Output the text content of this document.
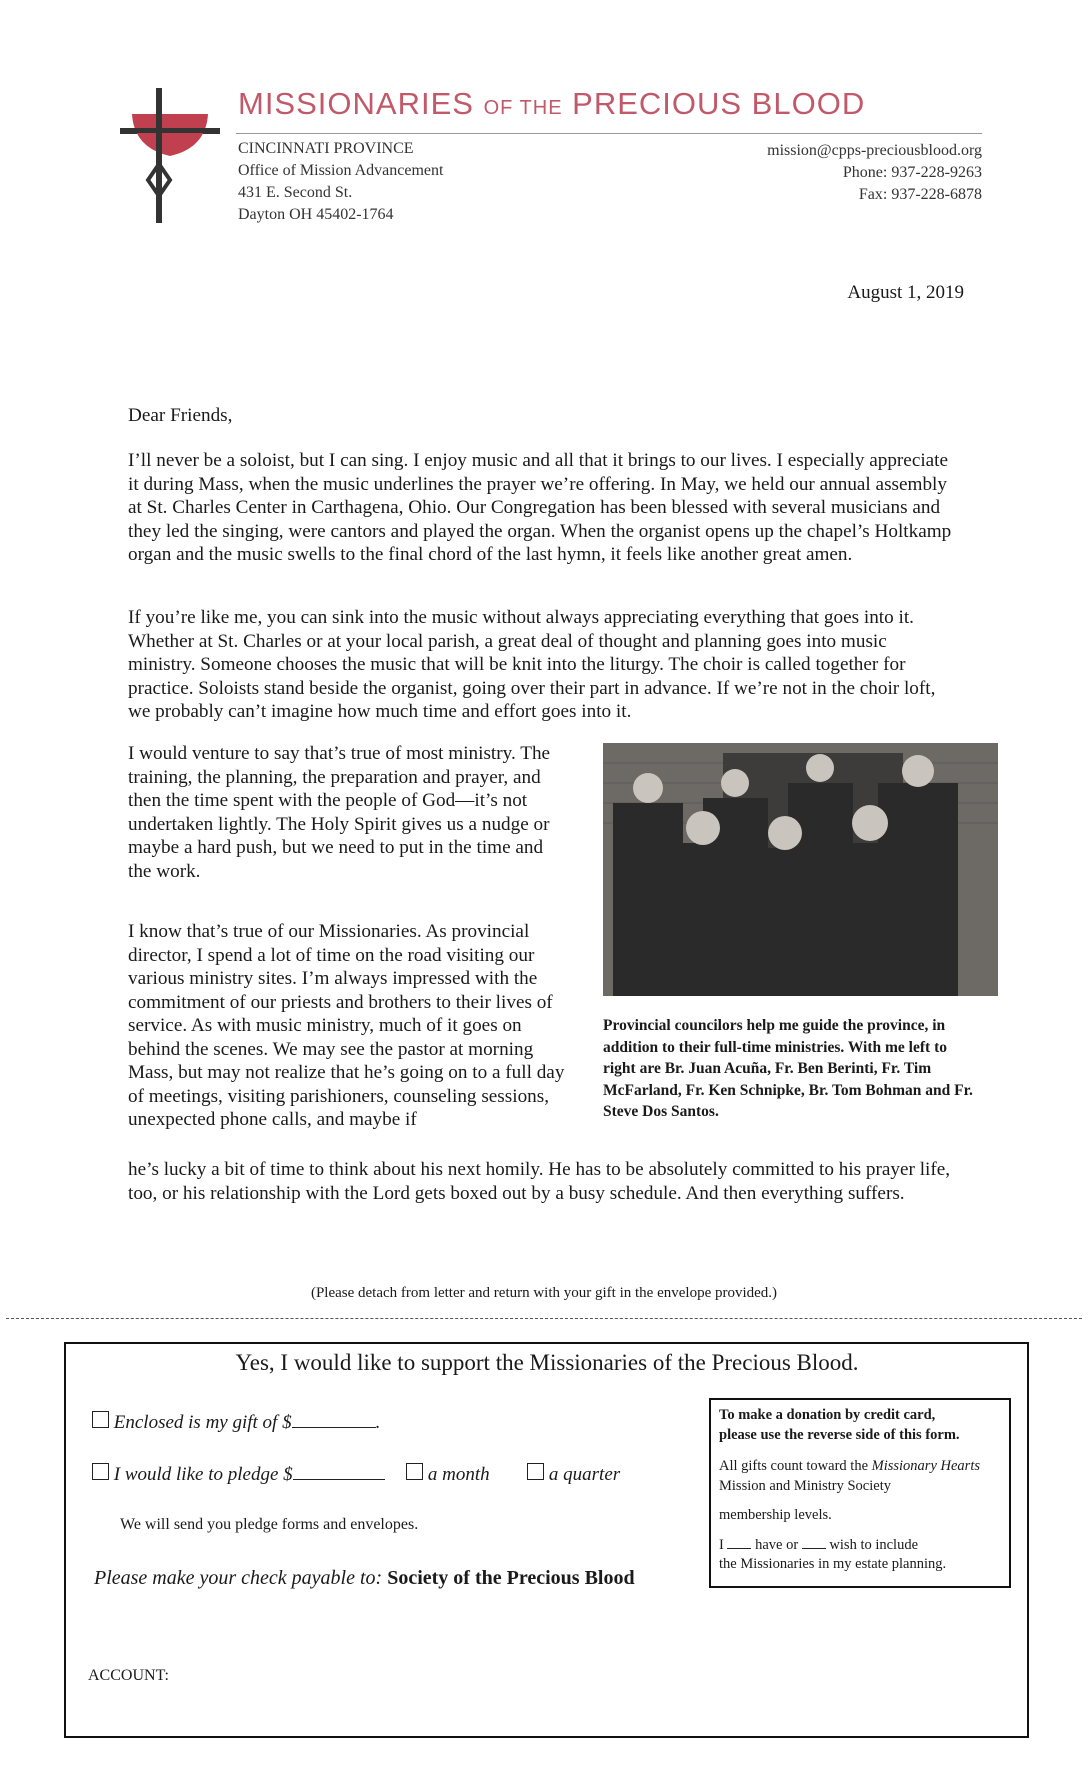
MISSIONARIES OF THE PRECIOUS BLOOD
CINCINNATI PROVINCE
Office of Mission Advancement
431 E. Second St.
Dayton OH 45402-1764
mission@cpps-preciousblood.org
Phone: 937-228-9263
Fax: 937-228-6878
August 1, 2019

Dear Friends,

I’ll never be a soloist, but I can sing. I enjoy music and all that it brings to our lives. I especially appreciate it during Mass, when the music underlines the prayer we’re offering. In May, we held our annual assembly at St. Charles Center in Carthagena, Ohio. Our Congregation has been blessed with several musicians and they led the singing, were cantors and played the organ. When the organist opens up the chapel’s Holtkamp organ and the music swells to the final chord of the last hymn, it feels like another great amen.

If you’re like me, you can sink into the music without always appreciating everything that goes into it. Whether at St. Charles or at your local parish, a great deal of thought and planning goes into music ministry. Someone chooses the music that will be knit into the liturgy. The choir is called together for practice. Soloists stand beside the organist, going over their part in advance. If we’re not in the choir loft, we probably can’t imagine how much time and effort goes into it.

I would venture to say that’s true of most ministry. The training, the planning, the preparation and prayer, and then the time spent with the people of God—it’s not undertaken lightly. The Holy Spirit gives us a nudge or maybe a hard push, but we need to put in the time and the work.

I know that’s true of our Missionaries. As provincial director, I spend a lot of time on the road visiting our various ministry sites. I’m always impressed with the commitment of our priests and brothers to their lives of service. As with music ministry, much of it goes on behind the scenes. We may see the pastor at morning Mass, but may not realize that he’s going on to a full day of meetings, visiting parishioners, counseling sessions, unexpected phone calls, and maybe if

he’s lucky a bit of time to think about his next homily. He has to be absolutely committed to his prayer life, too, or his relationship with the Lord gets boxed out by a busy schedule. And then everything suffers.

Provincial councilors help me guide the province, in addition to their full-time ministries. With me left to right are Br. Juan Acuña, Fr. Ben Berinti, Fr. Tim McFarland, Fr. Ken Schnipke, Br. Tom Bohman and Fr. Steve Dos Santos.
(Please detach from letter and return with your gift in the envelope provided.)
Yes, I would like to support the Missionaries of the Precious Blood.
Enclosed is my gift of $	.
I would like to pledge $	a month	a quarter
We will send you pledge forms and envelopes.
Please make your check payable to: Society of the Precious Blood
ACCOUNT:
To make a donation by credit card,
please use the reverse side of this form.
All gifts count toward the Missionary Hearts Mission and Ministry Society
membership levels.
I have or wish to include
the Missionaries in my estate planning.
